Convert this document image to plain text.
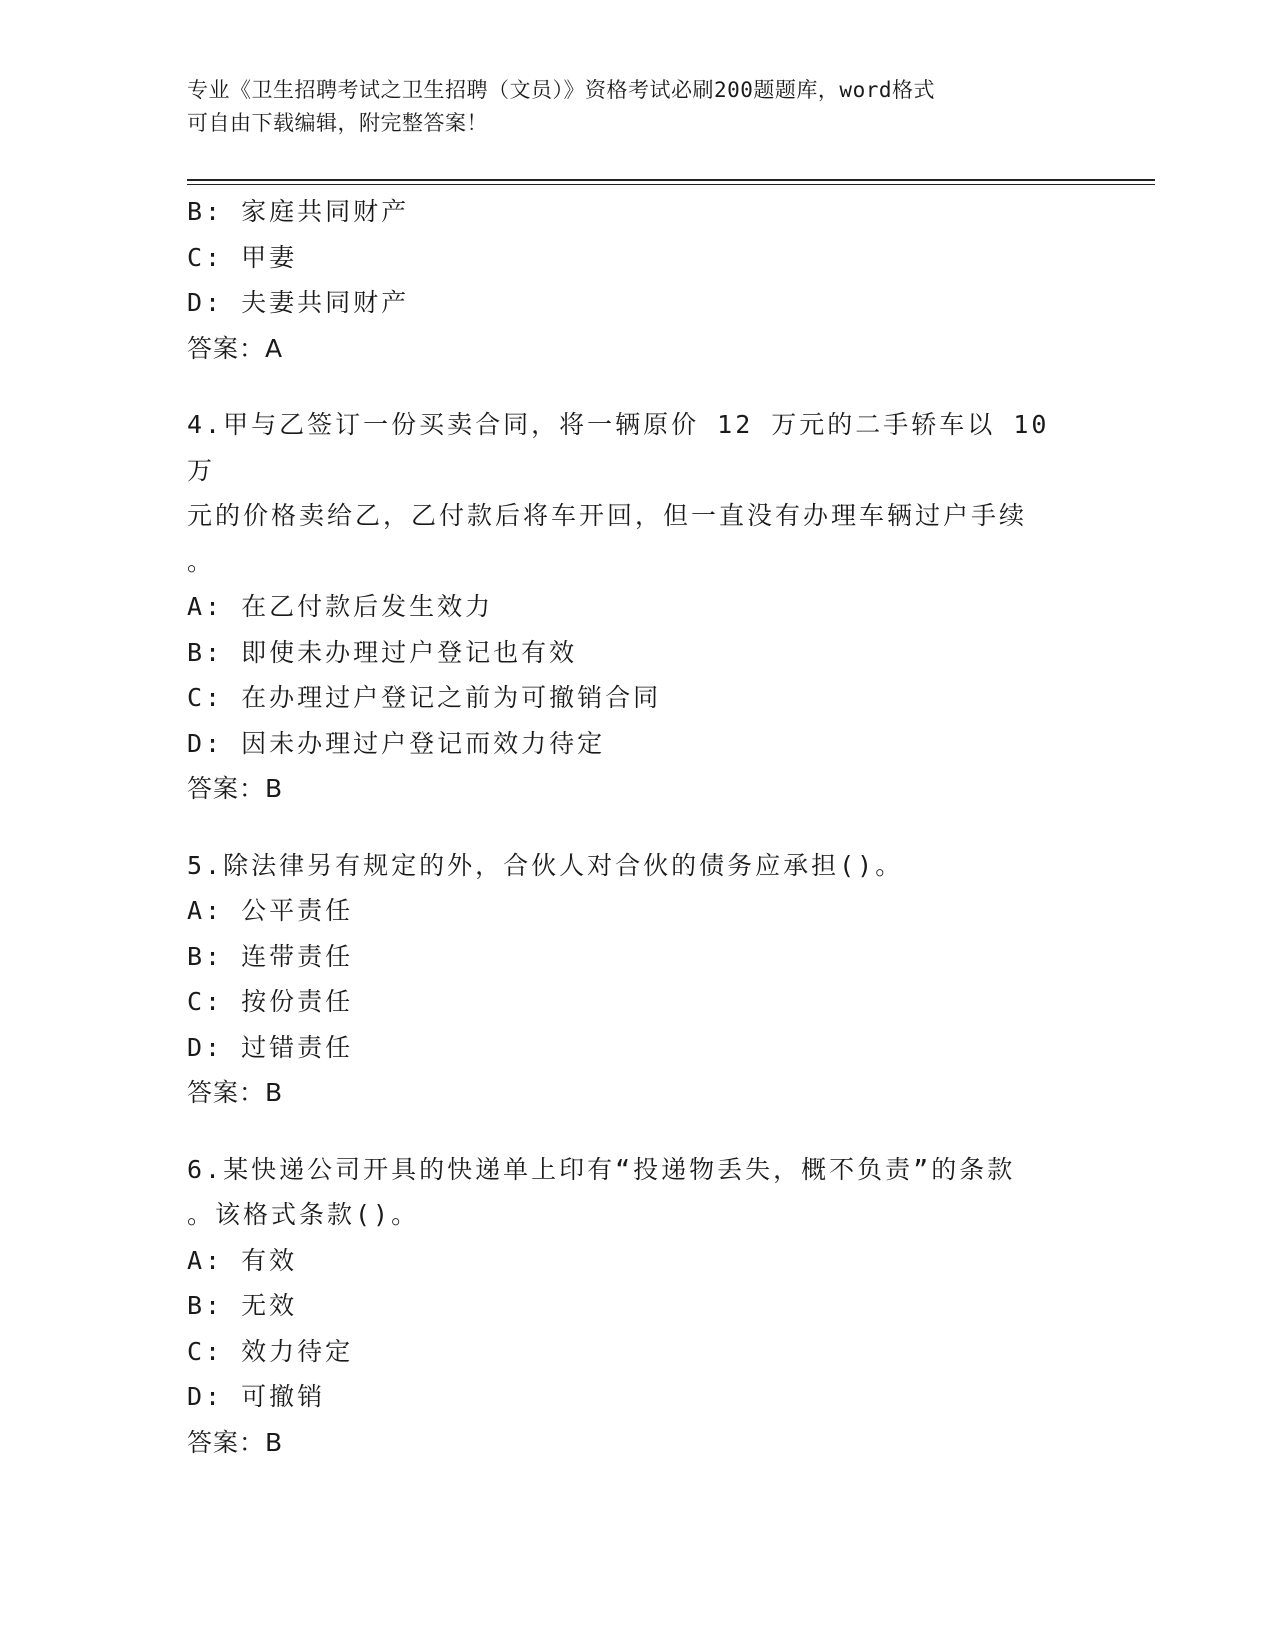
专业《卫生招聘考试之卫生招聘（文员）》资格考试必刷200题题库，word格式
可自由下载编辑，附完整答案！
B: 家庭共同财产
C: 甲妻
D: 夫妻共同财产
答案：A
4.甲与乙签订一份买卖合同，将一辆原价 12 万元的二手轿车以 10 万
元的价格卖给乙，乙付款后将车开回，但一直没有办理车辆过户手续
。
A: 在乙付款后发生效力
B: 即使未办理过户登记也有效
C: 在办理过户登记之前为可撤销合同
D: 因未办理过户登记而效力待定
答案：B
5.除法律另有规定的外，合伙人对合伙的债务应承担()。
A: 公平责任
B: 连带责任
C: 按份责任
D: 过错责任
答案：B
6.某快递公司开具的快递单上印有“投递物丢失，概不负责”的条款
。该格式条款()。
A: 有效
B: 无效
C: 效力待定
D: 可撤销
答案：B
